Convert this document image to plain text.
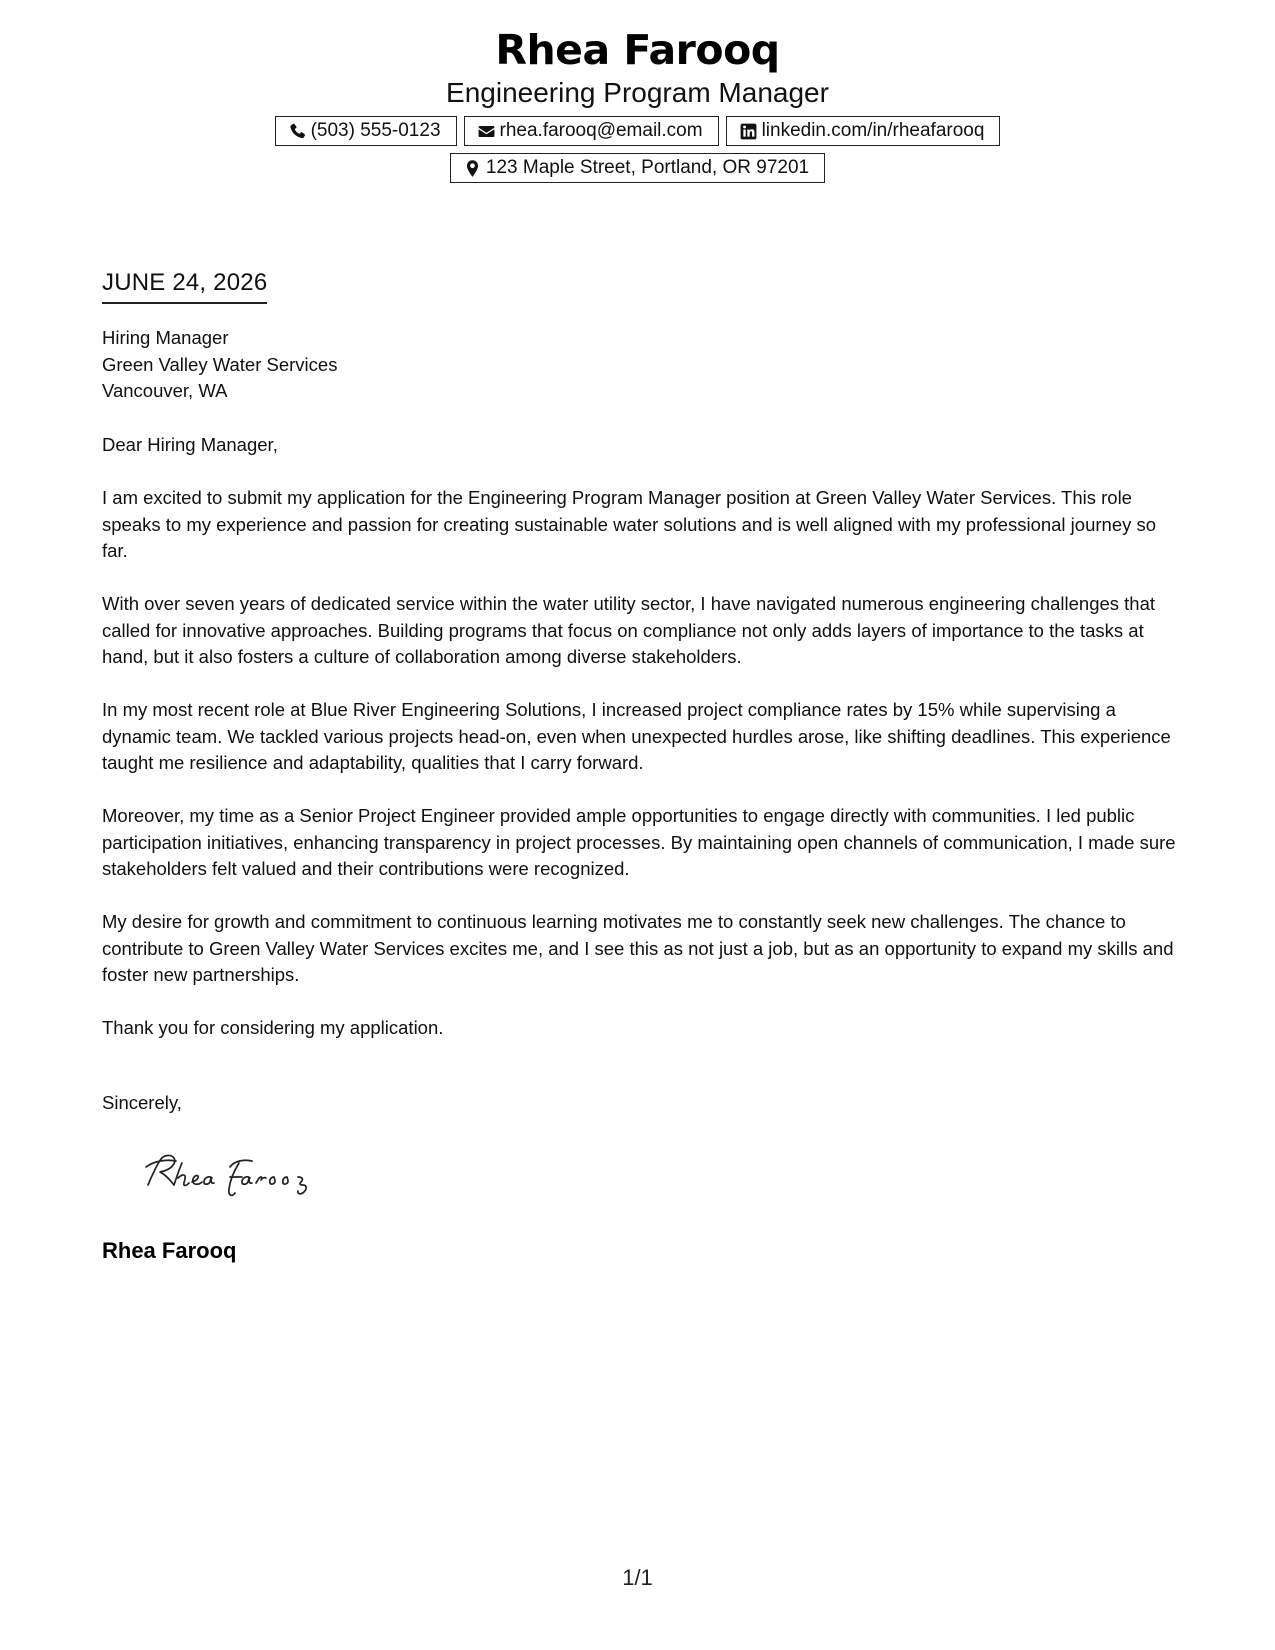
Rhea Farooq
Engineering Program Manager
(503) 555-0123	rhea.farooq@email.com	linkedin.com/in/rheafarooq
123 Maple Street, Portland, OR 97201
JUNE 24, 2026
Hiring Manager
Green Valley Water Services
Vancouver, WA

Dear Hiring Manager,

I am excited to submit my application for the Engineering Program Manager position at Green Valley Water Services. This role speaks to my experience and passion for creating sustainable water solutions and is well aligned with my professional journey so far.

With over seven years of dedicated service within the water utility sector, I have navigated numerous engineering challenges that called for innovative approaches. Building programs that focus on compliance not only adds layers of importance to the tasks at hand, but it also fosters a culture of collaboration among diverse stakeholders.

In my most recent role at Blue River Engineering Solutions, I increased project compliance rates by 15% while supervising a dynamic team. We tackled various projects head-on, even when unexpected hurdles arose, like shifting deadlines. This experience taught me resilience and adaptability, qualities that I carry forward.

Moreover, my time as a Senior Project Engineer provided ample opportunities to engage directly with communities. I led public participation initiatives, enhancing transparency in project processes. By maintaining open channels of communication, I made sure stakeholders felt valued and their contributions were recognized.

My desire for growth and commitment to continuous learning motivates me to constantly seek new challenges. The chance to contribute to Green Valley Water Services excites me, and I see this as not just a job, but as an opportunity to expand my skills and foster new partnerships.

Thank you for considering my application.

Sincerely,
Rhea Farooq
1/1
